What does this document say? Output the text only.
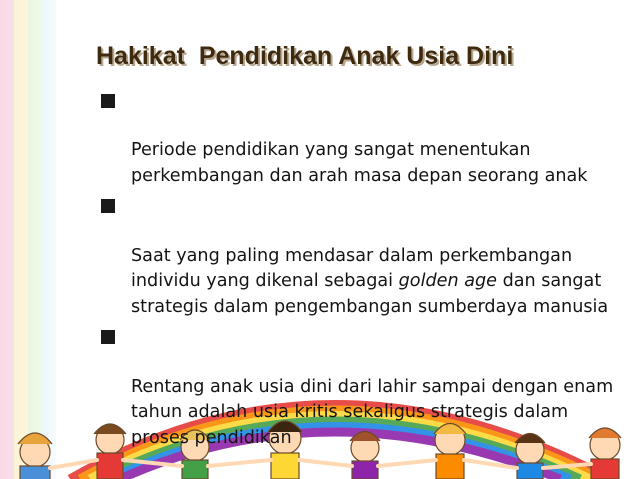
Hakikat  Pendidikan Anak Usia Dini

Periode pendidikan yang sangat menentukan perkembangan dan arah masa depan seorang anak

Saat yang paling mendasar dalam perkembangan individu yang dikenal sebagai golden age dan sangat strategis dalam pengembangan sumberdaya manusia

Rentang anak usia dini dari lahir sampai dengan enam tahun adalah usia kritis sekaligus strategis dalam proses pendidikan
